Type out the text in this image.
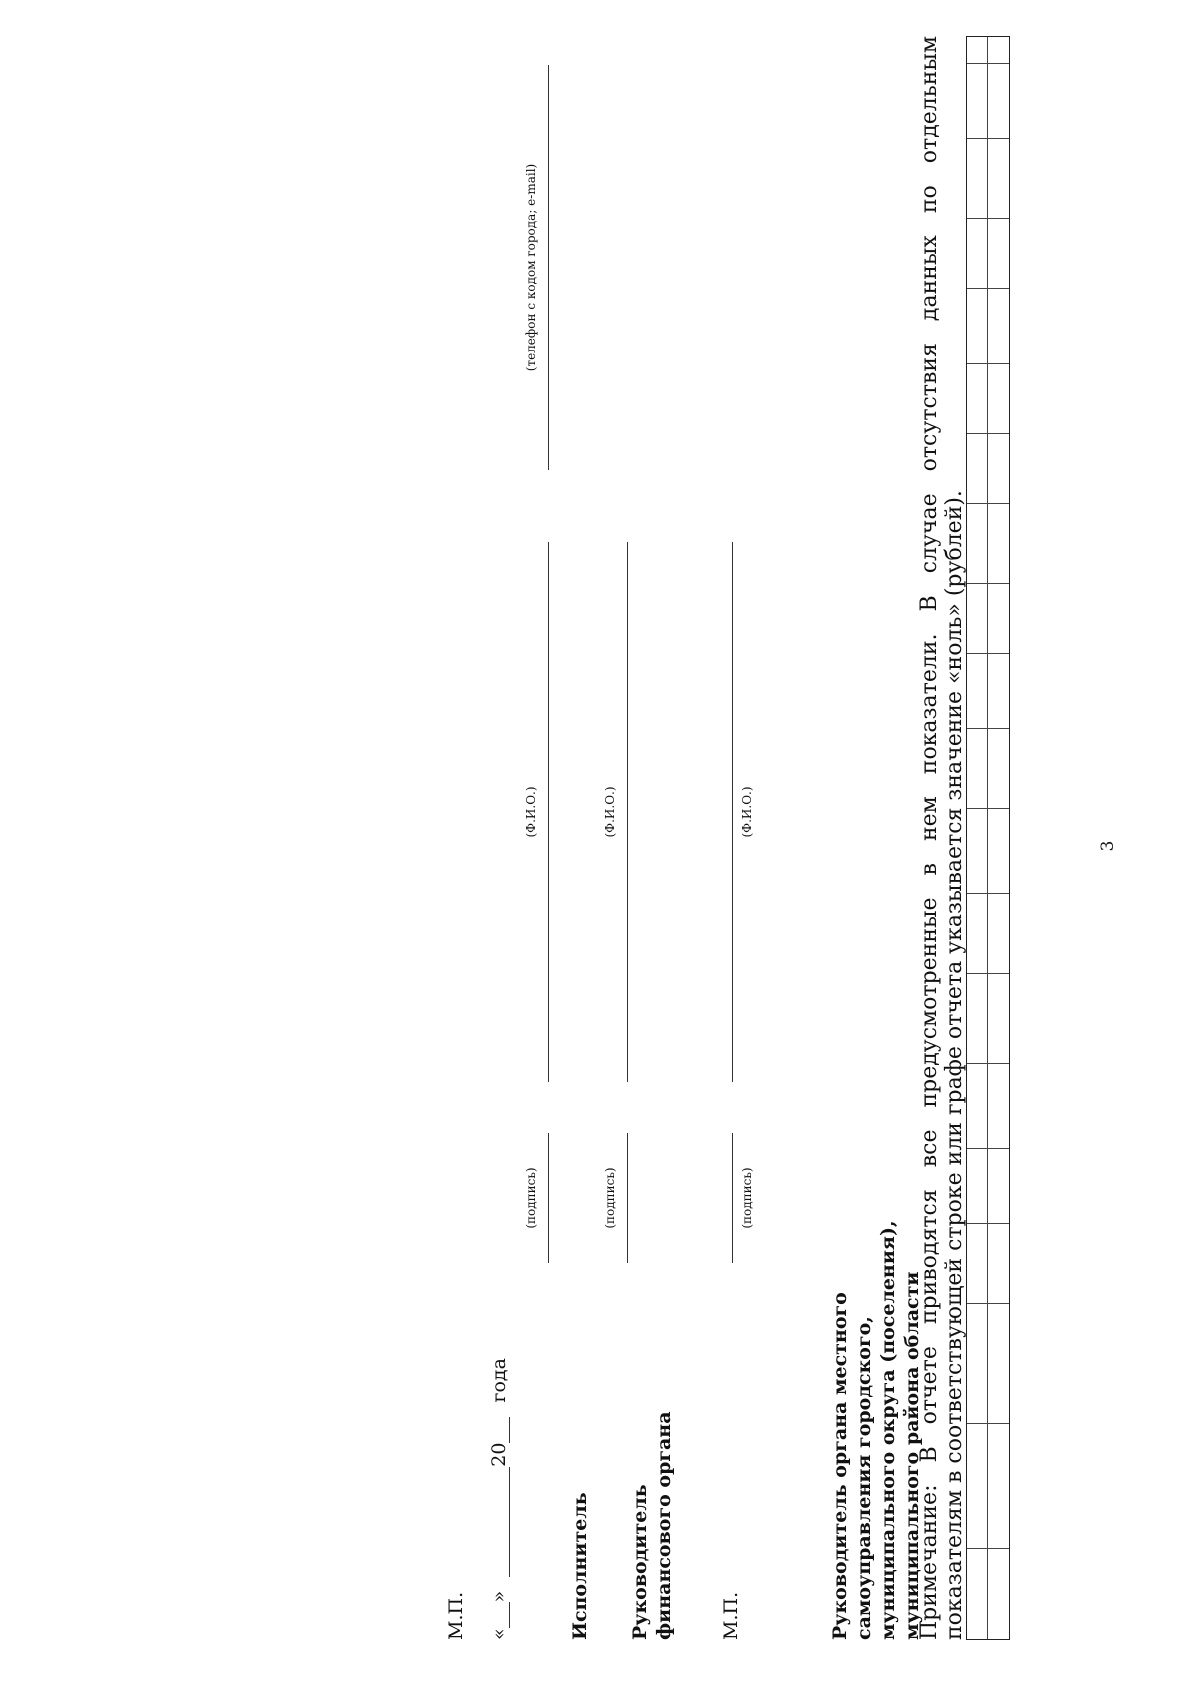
3
Примечание: В отчете приводятся все предусмотренные в нем показатели. В случае отсутствия данных по отдельным показателям в соответствующей строке или графе отчета указывается значение «ноль» (рублей).
Руководитель органа местного самоуправления городского, муниципального округа (поселения), муниципального района области
(подпись)
(Ф.И.О.)
М.П.
Руководитель финансового органа
(подпись)
(Ф.И.О.)
Исполнитель
(подпись)
(Ф.И.О.)
(телефон с кодом города; e-mail)
«» 20 года
М.П.
